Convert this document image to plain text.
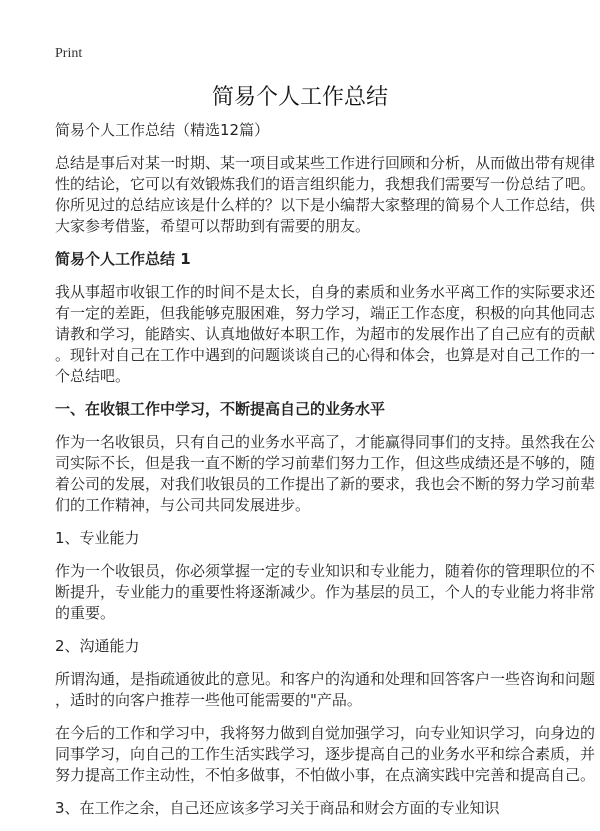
Print
简易个人工作总结

简易个人工作总结（精选12篇）

总结是事后对某一时期、某一项目或某些工作进行回顾和分析，从而做出带有规律
性的结论，它可以有效锻炼我们的语言组织能力，我想我们需要写一份总结了吧。
你所见过的总结应该是什么样的？以下是小编帮大家整理的简易个人工作总结，供
大家参考借鉴，希望可以帮助到有需要的朋友。

简易个人工作总结 1

我从事超市收银工作的时间不是太长，自身的素质和业务水平离工作的实际要求还
有一定的差距，但我能够克服困难，努力学习，端正工作态度，积极的向其他同志
请教和学习，能踏实、认真地做好本职工作，为超市的发展作出了自己应有的贡献
。现针对自己在工作中遇到的问题谈谈自己的心得和体会，也算是对自己工作的一
个总结吧。

一、在收银工作中学习，不断提高自己的业务水平

作为一名收银员，只有自己的业务水平高了，才能赢得同事们的支持。虽然我在公
司实际不长，但是我一直不断的学习前辈们努力工作，但这些成绩还是不够的，随
着公司的发展，对我们收银员的工作提出了新的要求，我也会不断的努力学习前辈
们的工作精神，与公司共同发展进步。

1、专业能力

作为一个收银员，你必须掌握一定的专业知识和专业能力，随着你的管理职位的不
断提升，专业能力的重要性将逐渐减少。作为基层的员工，个人的专业能力将非常
的重要。

2、沟通能力

所谓沟通，是指疏通彼此的意见。和客户的沟通和处理和回答客户一些咨询和问题
，适时的向客户推荐一些他可能需要的"产品。

在今后的工作和学习中，我将努力做到自觉加强学习，向专业知识学习，向身边的
同事学习，向自己的工作生活实践学习，逐步提高自己的业务水平和综合素质，并
努力提高工作主动性，不怕多做事，不怕做小事，在点滴实践中完善和提高自己。

3、在工作之余，自己还应该多学习关于商品和财会方面的专业知识
